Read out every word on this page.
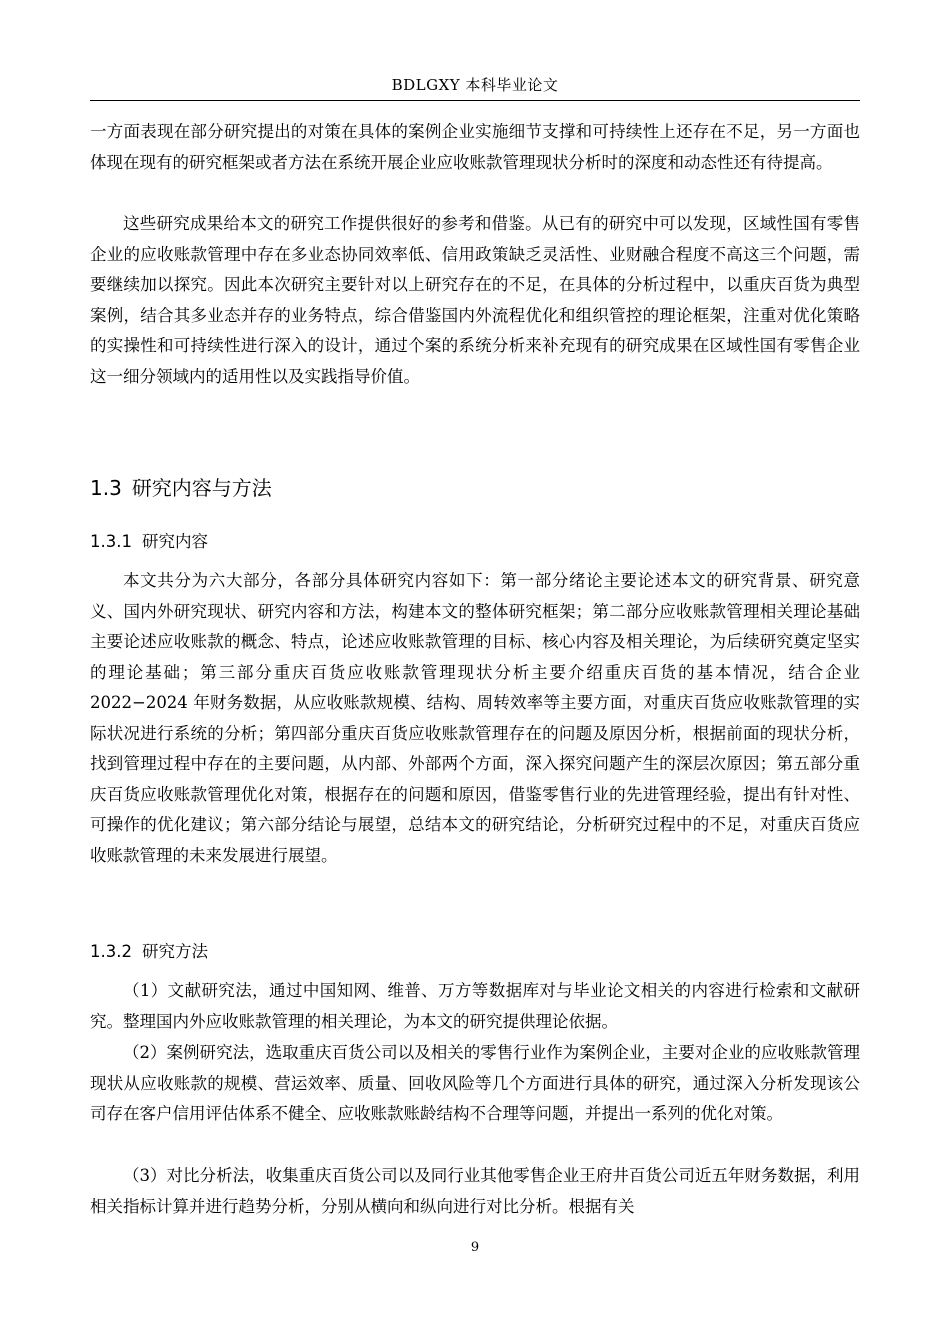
BDLGXY 本科毕业论文

一方面表现在部分研究提出的对策在具体的案例企业实施细节支撑和可持续性上还存在不足，另一方面也体现在现有的研究框架或者方法在系统开展企业应收账款管理现状分析时的深度和动态性还有待提高。

这些研究成果给本文的研究工作提供很好的参考和借鉴。从已有的研究中可以发现，区域性国有零售企业的应收账款管理中存在多业态协同效率低、信用政策缺乏灵活性、业财融合程度不高这三个问题，需要继续加以探究。因此本次研究主要针对以上研究存在的不足，在具体的分析过程中，以重庆百货为典型案例，结合其多业态并存的业务特点，综合借鉴国内外流程优化和组织管控的理论框架，注重对优化策略的实操性和可持续性进行深入的设计，通过个案的系统分析来补充现有的研究成果在区域性国有零售企业这一细分领域内的适用性以及实践指导价值。

1.3 研究内容与方法
1.3.1 研究内容

本文共分为六大部分，各部分具体研究内容如下：第一部分绪论主要论述本文的研究背景、研究意义、国内外研究现状、研究内容和方法，构建本文的整体研究框架；第二部分应收账款管理相关理论基础主要论述应收账款的概念、特点，论述应收账款管理的目标、核心内容及相关理论，为后续研究奠定坚实的理论基础；第三部分重庆百货应收账款管理现状分析主要介绍重庆百货的基本情况，结合企业 2022−2024 年财务数据，从应收账款规模、结构、周转效率等主要方面，对重庆百货应收账款管理的实际状况进行系统的分析；第四部分重庆百货应收账款管理存在的问题及原因分析，根据前面的现状分析，找到管理过程中存在的主要问题，从内部、外部两个方面，深入探究问题产生的深层次原因；第五部分重庆百货应收账款管理优化对策，根据存在的问题和原因，借鉴零售行业的先进管理经验，提出有针对性、可操作的优化建议；第六部分结论与展望，总结本文的研究结论，分析研究过程中的不足，对重庆百货应收账款管理的未来发展进行展望。

1.3.2 研究方法

（1）文献研究法，通过中国知网、维普、万方等数据库对与毕业论文相关的内容进行检索和文献研究。整理国内外应收账款管理的相关理论，为本文的研究提供理论依据。

（2）案例研究法，选取重庆百货公司以及相关的零售行业作为案例企业，主要对企业的应收账款管理现状从应收账款的规模、营运效率、质量、回收风险等几个方面进行具体的研究，通过深入分析发现该公司存在客户信用评估体系不健全、应收账款账龄结构不合理等问题，并提出一系列的优化对策。

（3）对比分析法，收集重庆百货公司以及同行业其他零售企业王府井百货公司近五年财务数据，利用相关指标计算并进行趋势分析，分别从横向和纵向进行对比分析。根据有关

9
